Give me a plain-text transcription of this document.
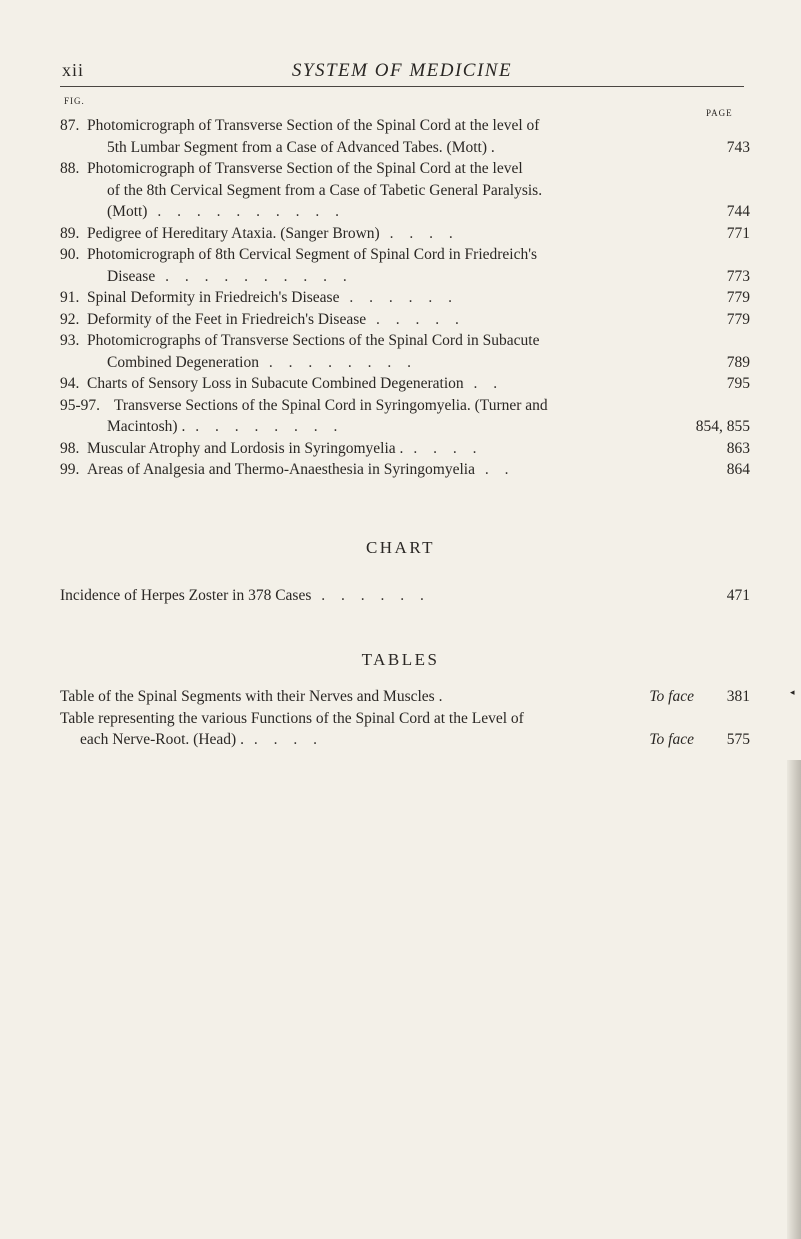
xii	SYSTEM OF MEDICINE
FIG.
PAGE
87. Photomicrograph of Transverse Section of the Spinal Cord at the level of
5th Lumbar Segment from a Case of Advanced Tabes. (Mott) .	743
88. Photomicrograph of Transverse Section of the Spinal Cord at the level
of the 8th Cervical Segment from a Case of Tabetic General Paralysis.
(Mott) . . . . . . . . . .	744
89. Pedigree of Hereditary Ataxia. (Sanger Brown) . . . .	771
90. Photomicrograph of 8th Cervical Segment of Spinal Cord in Friedreich's
Disease . . . . . . . . . .	773
91. Spinal Deformity in Friedreich's Disease . . . . . .	779
92. Deformity of the Feet in Friedreich's Disease . . . . .	779
93. Photomicrographs of Transverse Sections of the Spinal Cord in Subacute
Combined Degeneration . . . . . . . .	789
94. Charts of Sensory Loss in Subacute Combined Degeneration . .	795
95-97. Transverse Sections of the Spinal Cord in Syringomyelia. (Turner and
Macintosh) . . . . . . . . .	854, 855
98. Muscular Atrophy and Lordosis in Syringomyelia . . . . .	863
99. Areas of Analgesia and Thermo-Anaesthesia in Syringomyelia . .	864
CHART
Incidence of Herpes Zoster in 378 Cases . . . . . .	471
TABLES
Table of the Spinal Segments with their Nerves and Muscles .	To face 381
Table representing the various Functions of the Spinal Cord at the Level of
each Nerve-Root. (Head) . . . . .	To face 575
◂
